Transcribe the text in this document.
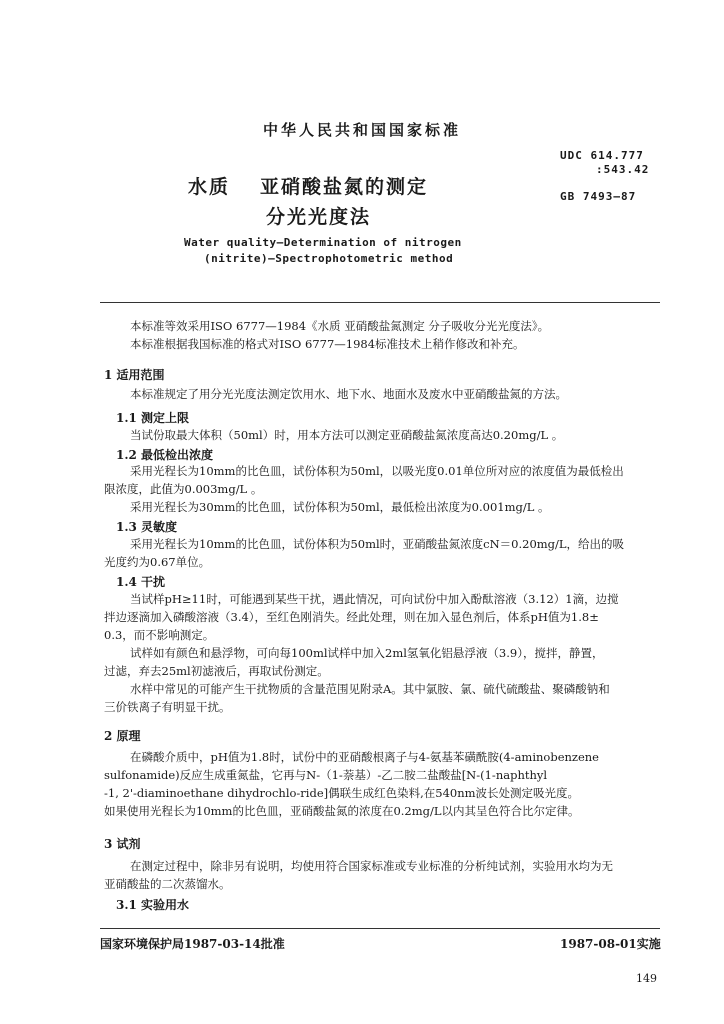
中华人民共和国国家标准
UDC 614.777
:543.42
GB 7493—87
水质 亚硝酸盐氮的测定
分光光度法
Water quality—Determination of nitrogen
(nitrite)—Spectrophotometric method
本标准等效采用ISO 6777—1984《水质 亚硝酸盐氮测定 分子吸收分光光度法》。
本标准根据我国标准的格式对ISO 6777—1984标准技术上稍作修改和补充。
1 适用范围
本标准规定了用分光光度法测定饮用水、地下水、地面水及废水中亚硝酸盐氮的方法。
1.1 测定上限
当试份取最大体积（50ml）时，用本方法可以测定亚硝酸盐氮浓度高达0.20mg/L 。
1.2 最低检出浓度
采用光程长为10mm的比色皿，试份体积为50ml，以吸光度0.01单位所对应的浓度值为最低检出
限浓度，此值为0.003mg/L 。
采用光程长为30mm的比色皿，试份体积为50ml，最低检出浓度为0.001mg/L 。
1.3 灵敏度
采用光程长为10mm的比色皿，试份体积为50ml时，亚硝酸盐氮浓度cN＝0.20mg/L，给出的吸
光度约为0.67单位。
1.4 干扰
当试样pH≥11时，可能遇到某些干扰，遇此情况，可向试份中加入酚酞溶液（3.12）1滴，边搅
拌边逐滴加入磷酸溶液（3.4），至红色刚消失。经此处理，则在加入显色剂后，体系pH值为1.8±
0.3，而不影响测定。
试样如有颜色和悬浮物，可向每100ml试样中加入2ml氢氧化铝悬浮液（3.9），搅拌，静置，
过滤，弃去25ml初滤液后，再取试份测定。
水样中常见的可能产生干扰物质的含量范围见附录A。其中氯胺、氯、硫代硫酸盐、聚磷酸钠和
三价铁离子有明显干扰。
2 原理
在磷酸介质中，pH值为1.8时，试份中的亚硝酸根离子与4-氨基苯磺酰胺(4-aminobenzene
sulfonamide)反应生成重氮盐，它再与N-（1-萘基）-乙二胺二盐酸盐[N-(1-naphthyl
-1, 2'-diaminoethane dihydrochlo-ride]偶联生成红色染料,在540nm波长处测定吸光度。
如果使用光程长为10mm的比色皿，亚硝酸盐氮的浓度在0.2mg/L以内其呈色符合比尔定律。
3 试剂
在测定过程中，除非另有说明，均使用符合国家标准或专业标准的分析纯试剂，实验用水均为无
亚硝酸盐的二次蒸馏水。
3.1 实验用水
国家环境保护局1987-03-14批准	1987-08-01实施
149
